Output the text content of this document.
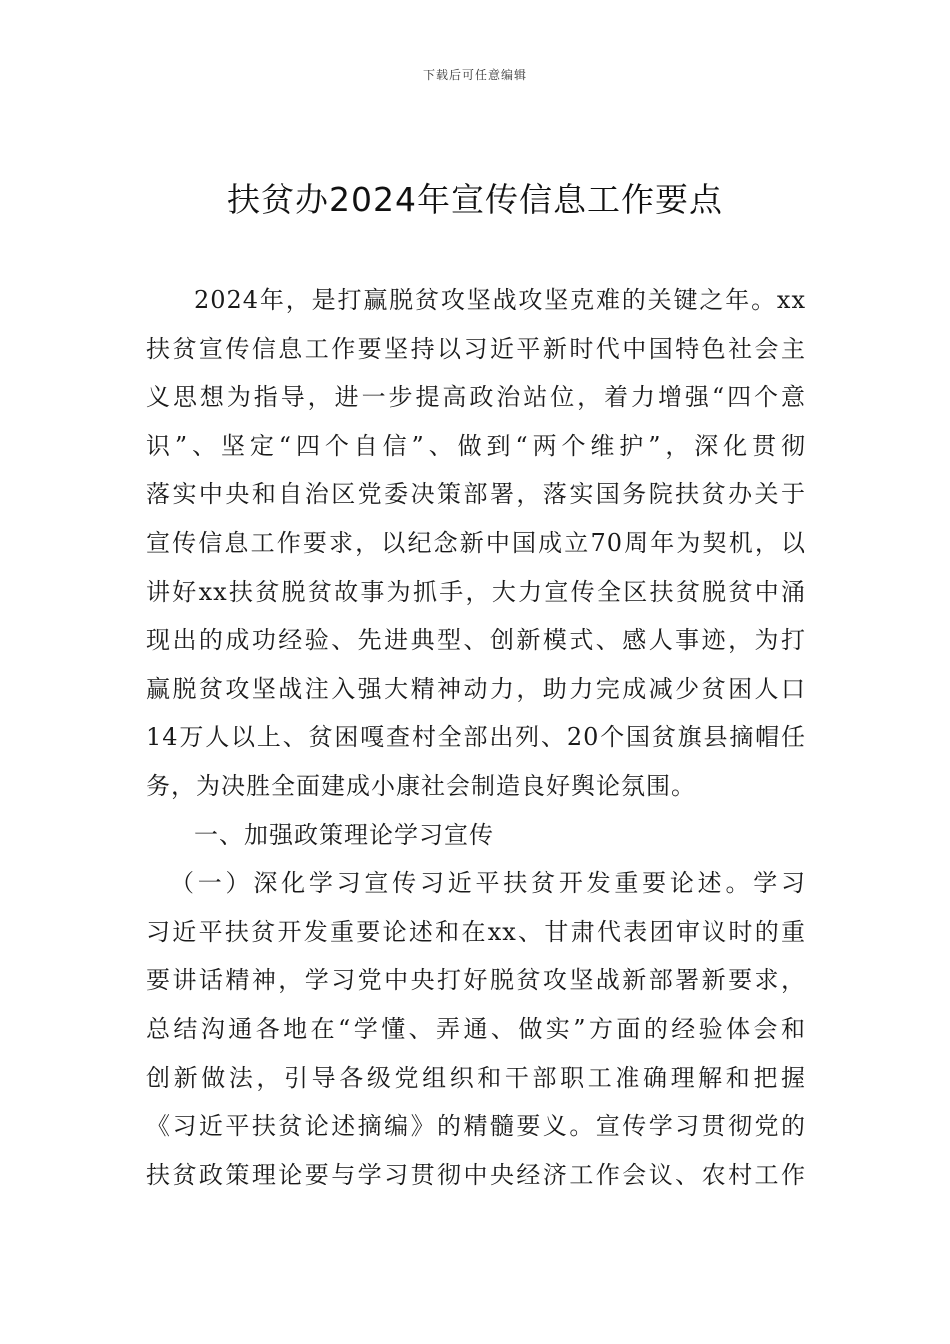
下载后可任意编辑
扶贫办2024年宣传信息工作要点
2024年，是打赢脱贫攻坚战攻坚克难的关键之年。xx
扶贫宣传信息工作要坚持以习近平新时代中国特色社会主
义思想为指导，进一步提高政治站位，着力增强“四个意
识”、坚定“四个自信”、做到“两个维护”，深化贯彻
落实中央和自治区党委决策部署，落实国务院扶贫办关于
宣传信息工作要求，以纪念新中国成立70周年为契机，以
讲好xx扶贫脱贫故事为抓手，大力宣传全区扶贫脱贫中涌
现出的成功经验、先进典型、创新模式、感人事迹，为打
赢脱贫攻坚战注入强大精神动力，助力完成减少贫困人口
14万人以上、贫困嘎查村全部出列、20个国贫旗县摘帽任
务，为决胜全面建成小康社会制造良好舆论氛围。
一、加强政策理论学习宣传
（一）深化学习宣传习近平扶贫开发重要论述。学习
习近平扶贫开发重要论述和在xx、甘肃代表团审议时的重
要讲话精神，学习党中央打好脱贫攻坚战新部署新要求，
总结沟通各地在“学懂、弄通、做实”方面的经验体会和
创新做法，引导各级党组织和干部职工准确理解和把握
《习近平扶贫论述摘编》的精髓要义。宣传学习贯彻党的
扶贫政策理论要与学习贯彻中央经济工作会议、农村工作
